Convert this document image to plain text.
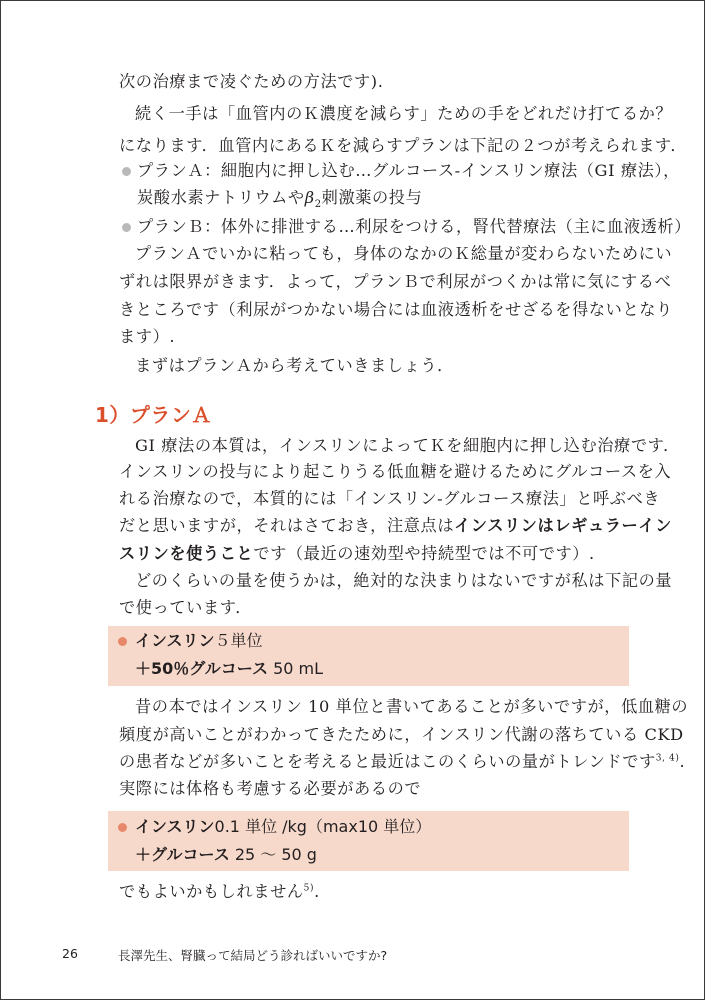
次の治療まで凌ぐための方法です).
続く一手は「血管内のＫ濃度を減らす」ための手をどれだけ打てるか？
になります．血管内にあるＫを減らすプランは下記の２つが考えられます．
プランＡ：細胞内に押し込む…グルコース‐インスリン療法（GI 療法），
炭酸水素ナトリウムや$\beta_2$刺激薬の投与
プランＢ：体外に排泄する…利尿をつける，腎代替療法（主に血液透析）
プランＡでいかに粘っても，身体のなかのＫ総量が変わらないためにい
ずれは限界がきます．よって，プランＢで利尿がつくかは常に気にするべ
きところです（利尿がつかない場合には血液透析をせざるを得ないとなり
ます）.
まずはプランＡから考えていきましょう．
1）プランＡ
GI 療法の本質は，インスリンによってＫを細胞内に押し込む治療です．
インスリンの投与により起こりうる低血糖を避けるためにグルコースを入
れる治療なので，本質的には「インスリン‐グルコース療法」と呼ぶべき
だと思いますが，それはさておき，注意点はインスリンはレギュラーイン
スリンを使うことです（最近の速効型や持続型では不可です）.
どのくらいの量を使うかは，絶対的な決まりはないですが私は下記の量
で使っています．
インスリン５単位
＋50％グルコース 50 mL
昔の本ではインスリン 10 単位と書いてあることが多いですが，低血糖の
頻度が高いことがわかってきたために，インスリン代謝の落ちている CKD
の患者などが多いことを考えると最近はこのくらいの量がトレンドです$^{3, 4)}$.
実際には体格も考慮する必要があるので
インスリン0.1 単位 /kg（max10 単位）
＋グルコース 25 ～ 50 g
でもよいかもしれません$^{5)}$.
26	長澤先生、腎臓って結局どう診ればいいですか?
